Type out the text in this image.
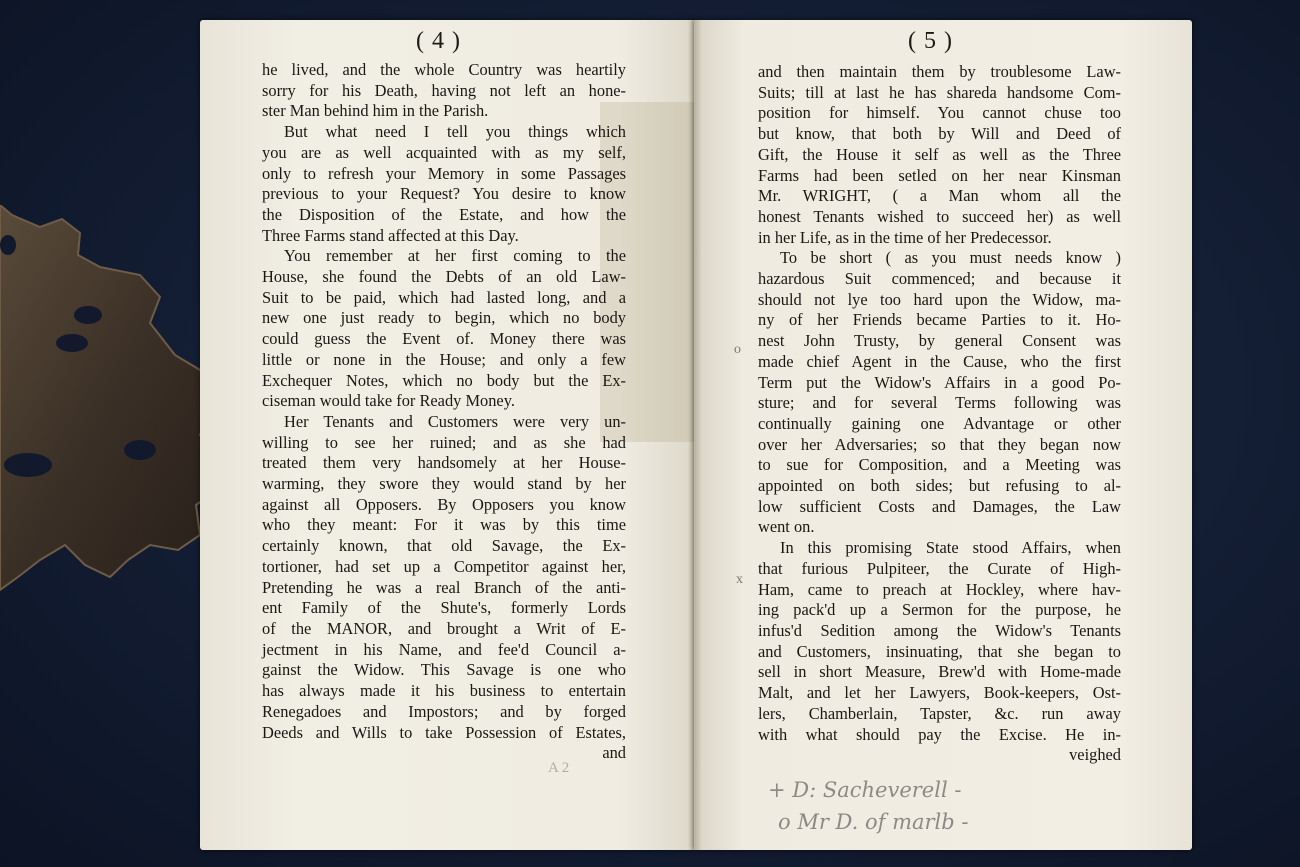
( 4 )
he lived, and the whole Country was heartily
sorry for his Death, having not left an hone-
ster Man behind him in the Parish.
But what need I tell you things which
you are as well acquainted with as my self,
only to refresh your Memory in some Passages
previous to your Request? You desire to know
the Disposition of the Estate, and how the
Three Farms stand affected at this Day.
You remember at her first coming to the
House, she found the Debts of an old Law-
Suit to be paid, which had lasted long, and a
new one just ready to begin, which no body
could guess the Event of. Money there was
little or none in the House; and only a few
Exchequer Notes, which no body but the Ex-
ciseman would take for Ready Money.
Her Tenants and Customers were very un-
willing to see her ruined; and as she had
treated them very handsomely at her House-
warming, they swore they would stand by her
against all Opposers. By Opposers you know
who they meant: For it was by this time
certainly known, that old Savage, the Ex-
tortioner, had set up a Competitor against her,
Pretending he was a real Branch of the anti-
ent Family of the Shute's, formerly Lords
of the MANOR, and brought a Writ of E-
jectment in his Name, and fee'd Council a-
gainst the Widow. This Savage is one who
has always made it his business to entertain
Renegadoes and Impostors; and by forged
Deeds and Wills to take Possession of Estates,
and
A 2
( 5 )
and then maintain them by troublesome Law-
Suits; till at last he has shareda handsome Com-
position for himself. You cannot chuse too
but know, that both by Will and Deed of
Gift, the House it self as well as the Three
Farms had been setled on her near Kinsman
Mr. WRIGHT, ( a Man whom all the
honest Tenants wished to succeed her) as well
in her Life, as in the time of her Predecessor.
To be short ( as you must needs know )
hazardous Suit commenced; and because it
should not lye too hard upon the Widow, ma-
ny of her Friends became Parties to it. Ho-
nest John Trusty, by general Consent was
made chief Agent in the Cause, who the first
Term put the Widow's Affairs in a good Po-
sture; and for several Terms following was
continually gaining one Advantage or other
over her Adversaries; so that they began now
to sue for Composition, and a Meeting was
appointed on both sides; but refusing to al-
low sufficient Costs and Damages, the Law
went on.
In this promising State stood Affairs, when
that furious Pulpiteer, the Curate of High-
Ham, came to preach at Hockley, where hav-
ing pack'd up a Sermon for the purpose, he
infus'd Sedition among the Widow's Tenants
and Customers, insinuating, that she began to
sell in short Measure, Brew'd with Home-made
Malt, and let her Lawyers, Book-keepers, Ost-
lers, Chamberlain, Tapster, &c. run away
with what should pay the Excise. He in-
veighed
o
x
+ D: Sacheverell -
o Mr D. of marlb -
